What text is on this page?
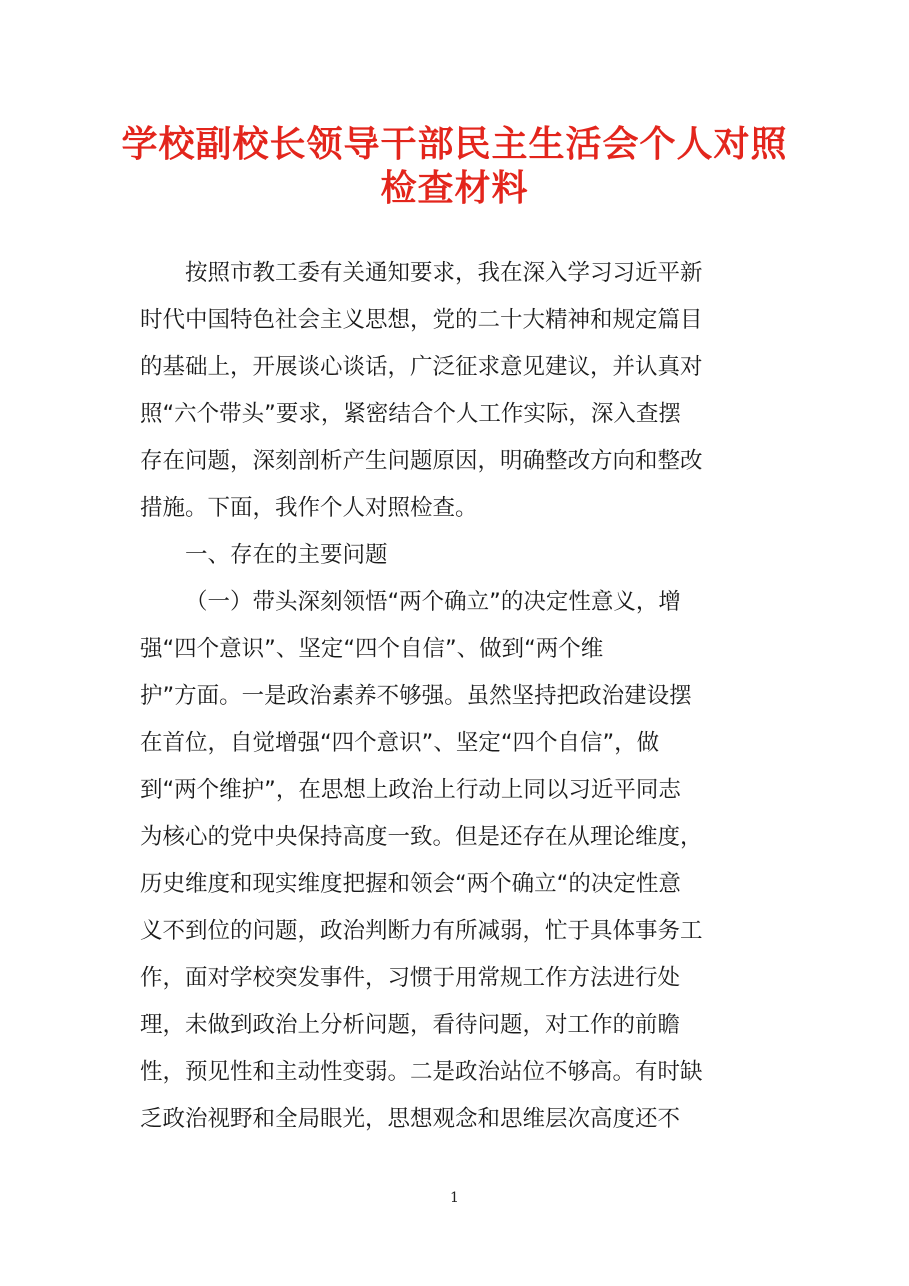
学校副校长领导干部民主生活会个人对照
检查材料
按照市教工委有关通知要求，我在深入学习习近平新
时代中国特色社会主义思想，党的二十大精神和规定篇目
的基础上，开展谈心谈话，广泛征求意见建议，并认真对
照“六个带头”要求，紧密结合个人工作实际，深入查摆
存在问题，深刻剖析产生问题原因，明确整改方向和整改
措施。下面，我作个人对照检查。
一、存在的主要问题
（一）带头深刻领悟“两个确立”的决定性意义，增
强“四个意识”、坚定“四个自信”、做到“两个维
护”方面。一是政治素养不够强。虽然坚持把政治建设摆
在首位，自觉增强“四个意识”、坚定“四个自信”，做
到“两个维护”，在思想上政治上行动上同以习近平同志
为核心的党中央保持高度一致。但是还存在从理论维度，
历史维度和现实维度把握和领会“两个确立“的决定性意
义不到位的问题，政治判断力有所减弱，忙于具体事务工
作，面对学校突发事件，习惯于用常规工作方法进行处
理，未做到政治上分析问题，看待问题，对工作的前瞻
性，预见性和主动性变弱。二是政治站位不够高。有时缺
乏政治视野和全局眼光，思想观念和思维层次高度还不
1
